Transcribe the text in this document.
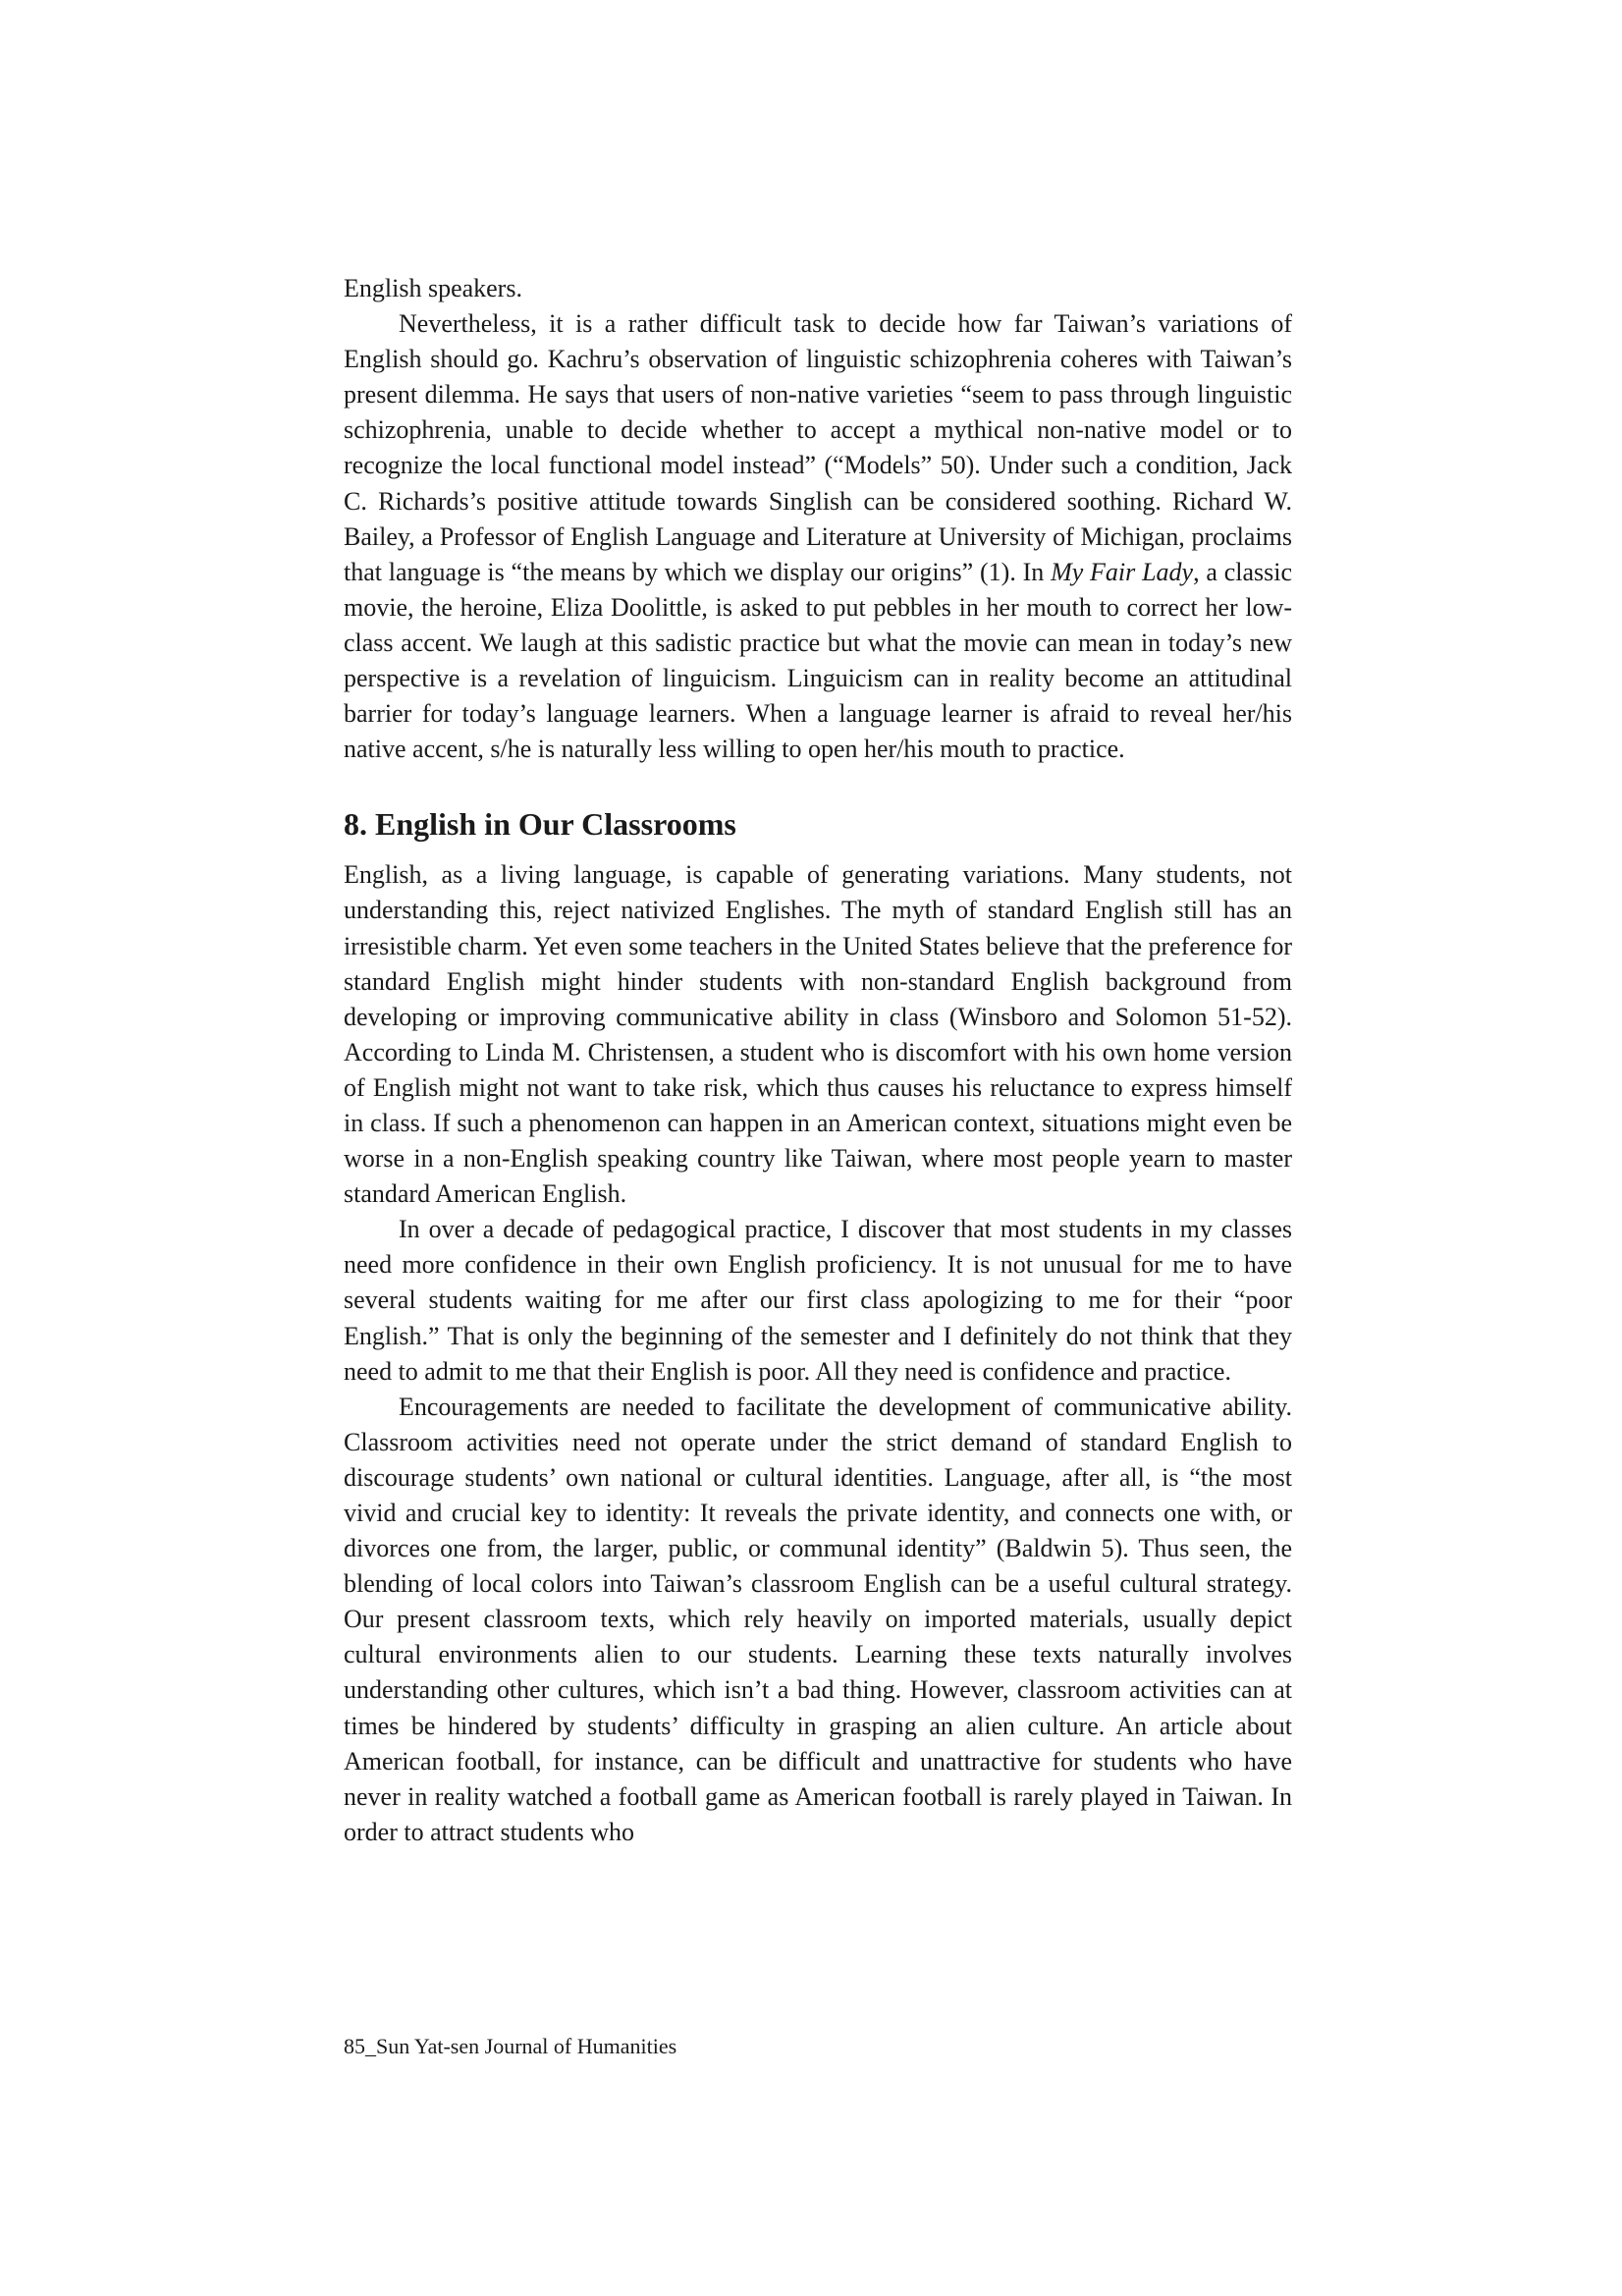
English speakers.

Nevertheless, it is a rather difficult task to decide how far Taiwan’s variations of English should go. Kachru’s observation of linguistic schizophrenia coheres with Taiwan’s present dilemma. He says that users of non-native varieties “seem to pass through linguistic schizophrenia, unable to decide whether to accept a mythical non-native model or to recognize the local functional model instead” (“Models” 50). Under such a condition, Jack C. Richards’s positive attitude towards Singlish can be considered soothing. Richard W. Bailey, a Professor of English Language and Literature at University of Michigan, proclaims that language is “the means by which we display our origins” (1). In My Fair Lady, a classic movie, the heroine, Eliza Doolittle, is asked to put pebbles in her mouth to correct her low-class accent. We laugh at this sadistic practice but what the movie can mean in today’s new perspective is a revelation of linguicism. Linguicism can in reality become an attitudinal barrier for today’s language learners. When a language learner is afraid to reveal her/his native accent, s/he is naturally less willing to open her/his mouth to practice.

8. English in Our Classrooms

English, as a living language, is capable of generating variations. Many students, not understanding this, reject nativized Englishes. The myth of standard English still has an irresistible charm. Yet even some teachers in the United States believe that the preference for standard English might hinder students with non-standard English background from developing or improving communicative ability in class (Winsboro and Solomon 51-52). According to Linda M. Christensen, a student who is discomfort with his own home version of English might not want to take risk, which thus causes his reluctance to express himself in class. If such a phenomenon can happen in an American context, situations might even be worse in a non-English speaking country like Taiwan, where most people yearn to master standard American English.

In over a decade of pedagogical practice, I discover that most students in my classes need more confidence in their own English proficiency. It is not unusual for me to have several students waiting for me after our first class apologizing to me for their “poor English.” That is only the beginning of the semester and I definitely do not think that they need to admit to me that their English is poor. All they need is confidence and practice.

Encouragements are needed to facilitate the development of communicative ability. Classroom activities need not operate under the strict demand of standard English to discourage students’ own national or cultural identities. Language, after all, is “the most vivid and crucial key to identity: It reveals the private identity, and connects one with, or divorces one from, the larger, public, or communal identity” (Baldwin 5). Thus seen, the blending of local colors into Taiwan’s classroom English can be a useful cultural strategy. Our present classroom texts, which rely heavily on imported materials, usually depict cultural environments alien to our students. Learning these texts naturally involves understanding other cultures, which isn’t a bad thing. However, classroom activities can at times be hindered by students’ difficulty in grasping an alien culture. An article about American football, for instance, can be difficult and unattractive for students who have never in reality watched a football game as American football is rarely played in Taiwan. In order to attract students who

85_Sun Yat-sen Journal of Humanities
